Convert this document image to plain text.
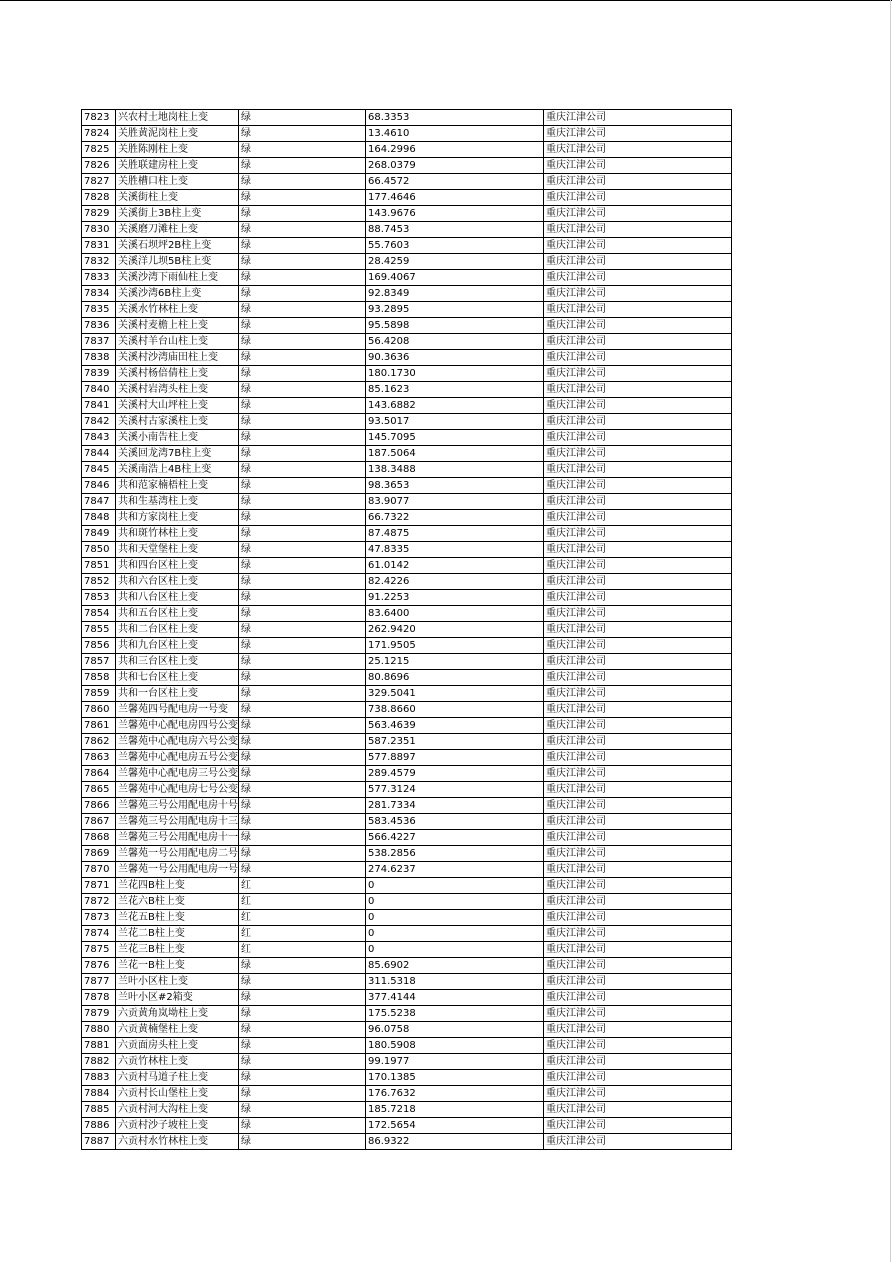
7823	兴农村土地岗柱上变	绿	68.3353	重庆江津公司
7824	关胜黄泥岗柱上变	绿	13.4610	重庆江津公司
7825	关胜陈刚柱上变	绿	164.2996	重庆江津公司
7826	关胜联建房柱上变	绿	268.0379	重庆江津公司
7827	关胜槽口柱上变	绿	66.4572	重庆江津公司
7828	关溪街柱上变	绿	177.4646	重庆江津公司
7829	关溪街上3B柱上变	绿	143.9676	重庆江津公司
7830	关溪磨刀滩柱上变	绿	88.7453	重庆江津公司
7831	关溪石坝坪2B柱上变	绿	55.7603	重庆江津公司
7832	关溪洋儿坝5B柱上变	绿	28.4259	重庆江津公司
7833	关溪沙湾下雨仙柱上变	绿	169.4067	重庆江津公司
7834	关溪沙湾6B柱上变	绿	92.8349	重庆江津公司
7835	关溪水竹林柱上变	绿	93.2895	重庆江津公司
7836	关溪村麦檐上柱上变	绿	95.5898	重庆江津公司
7837	关溪村羊台山柱上变	绿	56.4208	重庆江津公司
7838	关溪村沙湾庙田柱上变	绿	90.3636	重庆江津公司
7839	关溪村杨倍倩柱上变	绿	180.1730	重庆江津公司
7840	关溪村岩湾头柱上变	绿	85.1623	重庆江津公司
7841	关溪村大山坪柱上变	绿	143.6882	重庆江津公司
7842	关溪村古家溪柱上变	绿	93.5017	重庆江津公司
7843	关溪小南告柱上变	绿	145.7095	重庆江津公司
7844	关溪回龙湾7B柱上变	绿	187.5064	重庆江津公司
7845	关溪南浩上4B柱上变	绿	138.3488	重庆江津公司
7846	共和范家楠梧柱上变	绿	98.3653	重庆江津公司
7847	共和生基湾柱上变	绿	83.9077	重庆江津公司
7848	共和方家岗柱上变	绿	66.7322	重庆江津公司
7849	共和斑竹林柱上变	绿	87.4875	重庆江津公司
7850	共和天堂堡柱上变	绿	47.8335	重庆江津公司
7851	共和四台区柱上变	绿	61.0142	重庆江津公司
7852	共和六台区柱上变	绿	82.4226	重庆江津公司
7853	共和八台区柱上变	绿	91.2253	重庆江津公司
7854	共和五台区柱上变	绿	83.6400	重庆江津公司
7855	共和二台区柱上变	绿	262.9420	重庆江津公司
7856	共和九台区柱上变	绿	171.9505	重庆江津公司
7857	共和三台区柱上变	绿	25.1215	重庆江津公司
7858	共和七台区柱上变	绿	80.8696	重庆江津公司
7859	共和一台区柱上变	绿	329.5041	重庆江津公司
7860	兰馨苑四号配电房一号变	绿	738.8660	重庆江津公司
7861	兰馨苑中心配电房四号公变	绿	563.4639	重庆江津公司
7862	兰馨苑中心配电房六号公变	绿	587.2351	重庆江津公司
7863	兰馨苑中心配电房五号公变	绿	577.8897	重庆江津公司
7864	兰馨苑中心配电房三号公变	绿	289.4579	重庆江津公司
7865	兰馨苑中心配电房七号公变	绿	577.3124	重庆江津公司
7866	兰馨苑三号公用配电房十号	绿	281.7334	重庆江津公司
7867	兰馨苑三号公用配电房十三	绿	583.4536	重庆江津公司
7868	兰馨苑三号公用配电房十一	绿	566.4227	重庆江津公司
7869	兰馨苑一号公用配电房二号	绿	538.2856	重庆江津公司
7870	兰馨苑一号公用配电房一号	绿	274.6237	重庆江津公司
7871	兰花四B柱上变	红	0	重庆江津公司
7872	兰花六B柱上变	红	0	重庆江津公司
7873	兰花五B柱上变	红	0	重庆江津公司
7874	兰花二B柱上变	红	0	重庆江津公司
7875	兰花三B柱上变	红	0	重庆江津公司
7876	兰花一B柱上变	绿	85.6902	重庆江津公司
7877	兰叶小区柱上变	绿	311.5318	重庆江津公司
7878	兰叶小区#2箱变	绿	377.4144	重庆江津公司
7879	六贡黄角岚坳柱上变	绿	175.5238	重庆江津公司
7880	六贡黄楠堡柱上变	绿	96.0758	重庆江津公司
7881	六贡面房头柱上变	绿	180.5908	重庆江津公司
7882	六贡竹林柱上变	绿	99.1977	重庆江津公司
7883	六贡村马道子柱上变	绿	170.1385	重庆江津公司
7884	六贡村长山堡柱上变	绿	176.7632	重庆江津公司
7885	六贡村河大沟柱上变	绿	185.7218	重庆江津公司
7886	六贡村沙子坡柱上变	绿	172.5654	重庆江津公司
7887	六贡村水竹林柱上变	绿	86.9322	重庆江津公司
